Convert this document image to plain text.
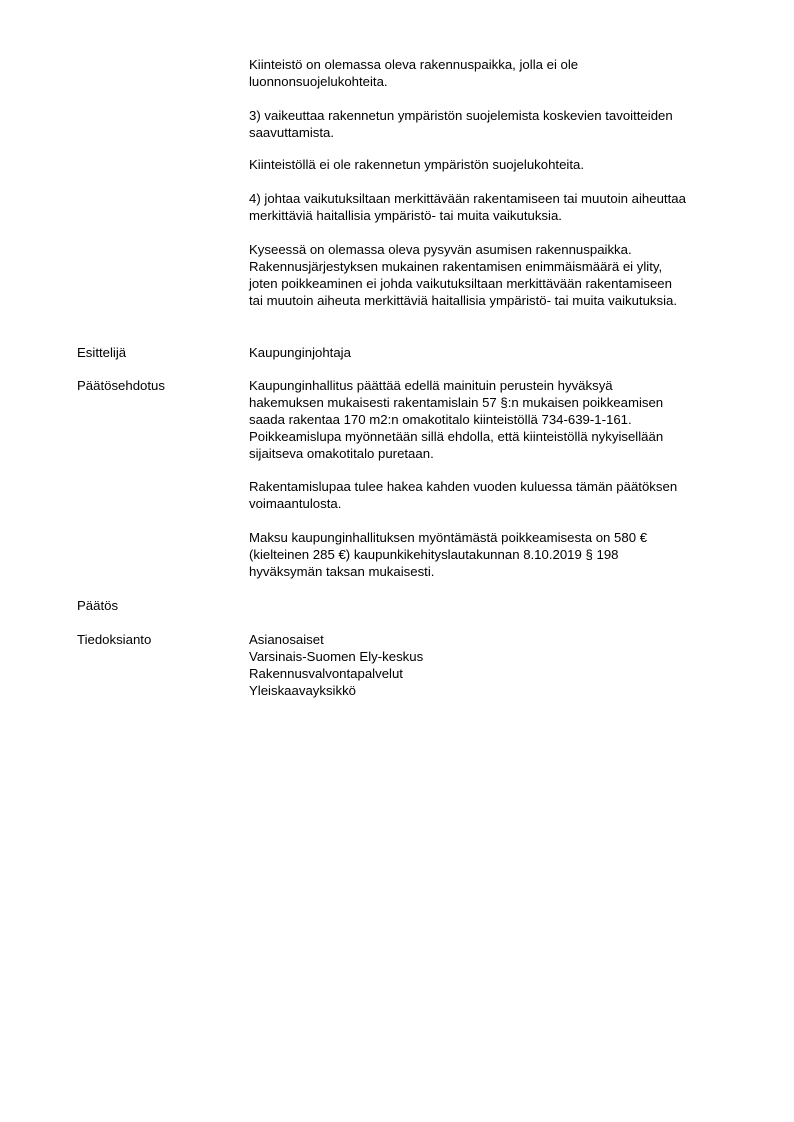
Kiinteistö on olemassa oleva rakennuspaikka, jolla ei ole
luonnonsuojelukohteita.

3) vaikeuttaa rakennetun ympäristön suojelemista koskevien tavoitteiden
saavuttamista.

Kiinteistöllä ei ole rakennetun ympäristön suojelukohteita.

4) johtaa vaikutuksiltaan merkittävään rakentamiseen tai muutoin aiheuttaa
merkittäviä haitallisia ympäristö- tai muita vaikutuksia.

Kyseessä on olemassa oleva pysyvän asumisen rakennuspaikka.
Rakennusjärjestyksen mukainen rakentamisen enimmäismäärä ei ylity,
joten poikkeaminen ei johda vaikutuksiltaan merkittävään rakentamiseen
tai muutoin aiheuta merkittäviä haitallisia ympäristö- tai muita vaikutuksia.

Esittelijä	Kaupunginjohtaja
Päätösehdotus	Kaupunginhallitus päättää edellä mainituin perustein hyväksyä
hakemuksen mukaisesti rakentamislain 57 §:n mukaisen poikkeamisen
saada rakentaa 170 m2:n omakotitalo kiinteistöllä 734-639-1-161.
Poikkeamislupa myönnetään sillä ehdolla, että kiinteistöllä nykyisellään
sijaitseva omakotitalo puretaan.

Rakentamislupaa tulee hakea kahden vuoden kuluessa tämän päätöksen
voimaantulosta.

Maksu kaupunginhallituksen myöntämästä poikkeamisesta on 580 €
(kielteinen 285 €) kaupunkikehityslautakunnan 8.10.2019 § 198
hyväksymän taksan mukaisesti.

Päätös
Tiedoksianto	Asianosaiset
Varsinais-Suomen Ely-keskus
Rakennusvalvontapalvelut
Yleiskaavayksikkö
